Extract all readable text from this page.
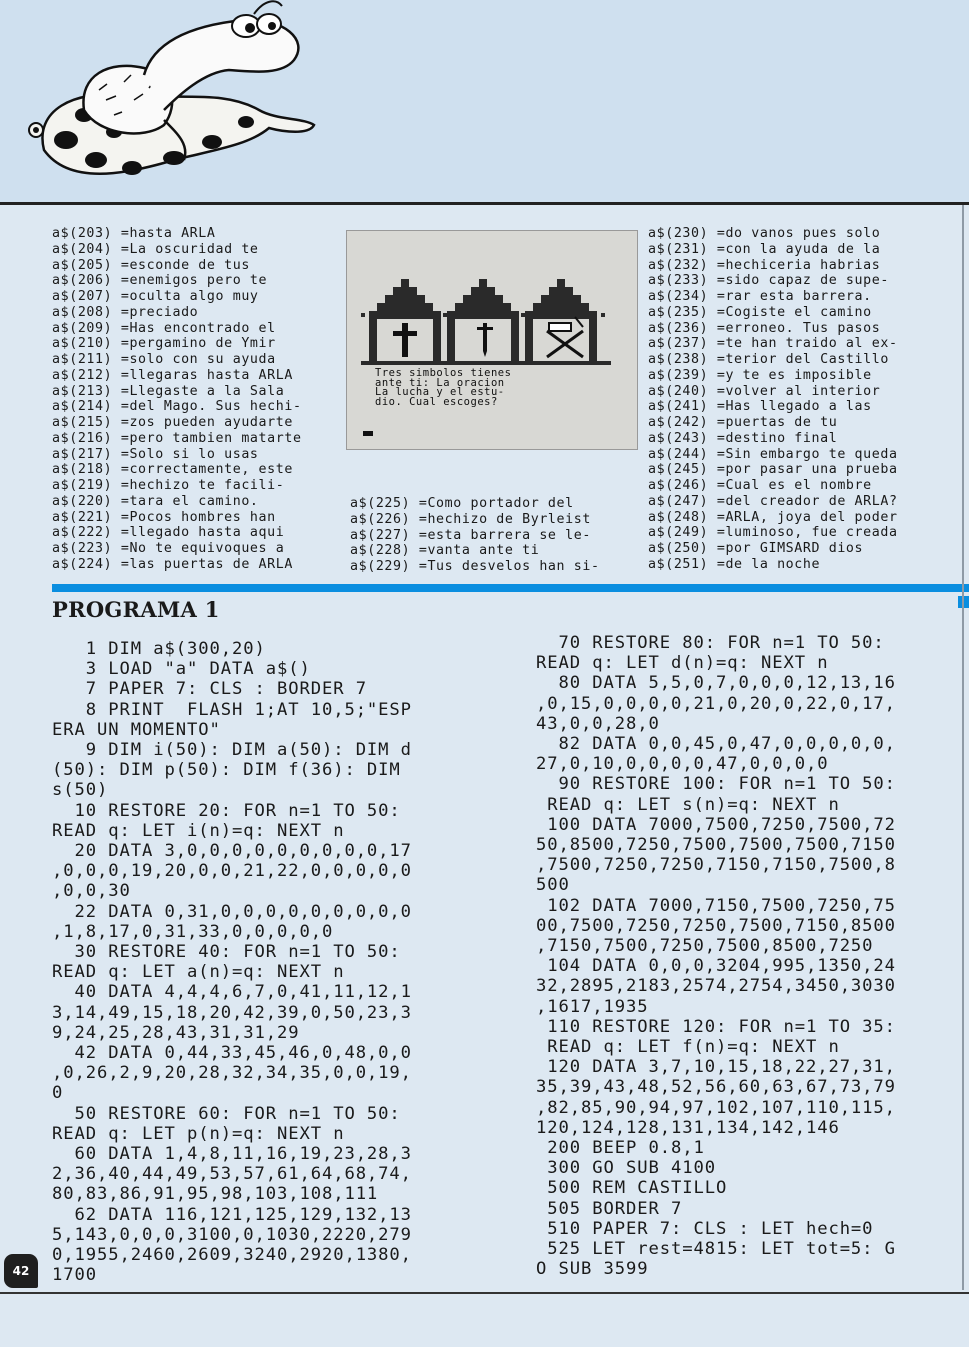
a$(203) =hasta ARLA
a$(204) =La oscuridad te
a$(205) =esconde de tus
a$(206) =enemigos pero te
a$(207) =oculta algo muy
a$(208) =preciado
a$(209) =Has encontrado el
a$(210) =pergamino de Ymir
a$(211) =solo con su ayuda
a$(212) =llegaras hasta ARLA
a$(213) =Llegaste a la Sala
a$(214) =del Mago. Sus hechi-
a$(215) =zos pueden ayudarte
a$(216) =pero tambien matarte
a$(217) =Solo si lo usas
a$(218) =correctamente, este
a$(219) =hechizo te facili-
a$(220) =tara el camino.
a$(221) =Pocos hombres han
a$(222) =llegado hasta aqui
a$(223) =No te equivoques a
a$(224) =las puertas de ARLA
Tres simbolos tienes
ante ti: La oracion
La lucha y el estu-
dio. Cual escoges?
a$(225) =Como portador del
a$(226) =hechizo de Byrleist
a$(227) =esta barrera se le-
a$(228) =vanta ante ti
a$(229) =Tus desvelos han si-
a$(230) =do vanos pues solo
a$(231) =con la ayuda de la
a$(232) =hechiceria habrias
a$(233) =sido capaz de supe-
a$(234) =rar esta barrera.
a$(235) =Cogiste el camino
a$(236) =erroneo. Tus pasos
a$(237) =te han traido al ex-
a$(238) =terior del Castillo
a$(239) =y te es imposible
a$(240) =volver al interior
a$(241) =Has llegado a las
a$(242) =puertas de tu
a$(243) =destino final
a$(244) =Sin embargo te queda
a$(245) =por pasar una prueba
a$(246) =Cual es el nombre
a$(247) =del creador de ARLA?
a$(248) =ARLA, joya del poder
a$(249) =luminoso, fue creada
a$(250) =por GIMSARD dios
a$(251) =de la noche
PROGRAMA 1
1 DIM a$(300,20)
3 LOAD "a" DATA a$()
7 PAPER 7: CLS : BORDER 7
8 PRINT  FLASH 1;AT 10,5;"ESP
ERA UN MOMENTO"
9 DIM i(50): DIM a(50): DIM d
(50): DIM p(50): DIM f(36): DIM
s(50)
10 RESTORE 20: FOR n=1 TO 50:
READ q: LET i(n)=q: NEXT n
20 DATA 3,0,0,0,0,0,0,0,0,0,17
,0,0,0,19,20,0,0,21,22,0,0,0,0,0
,0,0,30
22 DATA 0,31,0,0,0,0,0,0,0,0,0
,1,8,17,0,31,33,0,0,0,0,0
30 RESTORE 40: FOR n=1 TO 50:
READ q: LET a(n)=q: NEXT n
40 DATA 4,4,4,6,7,0,41,11,12,1
3,14,49,15,18,20,42,39,0,50,23,3
9,24,25,28,43,31,31,29
42 DATA 0,44,33,45,46,0,48,0,0
,0,26,2,9,20,28,32,34,35,0,0,19,
0
50 RESTORE 60: FOR n=1 TO 50:
READ q: LET p(n)=q: NEXT n
60 DATA 1,4,8,11,16,19,23,28,3
2,36,40,44,49,53,57,61,64,68,74,
80,83,86,91,95,98,103,108,111
62 DATA 116,121,125,129,132,13
5,143,0,0,0,3100,0,1030,2220,279
0,1955,2460,2609,3240,2920,1380,
1700
70 RESTORE 80: FOR n=1 TO 50:
READ q: LET d(n)=q: NEXT n
80 DATA 5,5,0,7,0,0,0,12,13,16
,0,15,0,0,0,0,21,0,20,0,22,0,17,
43,0,0,28,0
82 DATA 0,0,45,0,47,0,0,0,0,0,
27,0,10,0,0,0,0,47,0,0,0,0
90 RESTORE 100: FOR n=1 TO 50:
READ q: LET s(n)=q: NEXT n
100 DATA 7000,7500,7250,7500,72
50,8500,7250,7500,7500,7500,7150
,7500,7250,7250,7150,7150,7500,8
500
102 DATA 7000,7150,7500,7250,75
00,7500,7250,7250,7500,7150,8500
,7150,7500,7250,7500,8500,7250
104 DATA 0,0,0,3204,995,1350,24
32,2895,2183,2574,2754,3450,3030
,1617,1935
110 RESTORE 120: FOR n=1 TO 35:
READ q: LET f(n)=q: NEXT n
120 DATA 3,7,10,15,18,22,27,31,
35,39,43,48,52,56,60,63,67,73,79
,82,85,90,94,97,102,107,110,115,
120,124,128,131,134,142,146
200 BEEP 0.8,1
300 GO SUB 4100
500 REM CASTILLO
505 BORDER 7
510 PAPER 7: CLS : LET hech=0
525 LET rest=4815: LET tot=5: G
O SUB 3599
42
